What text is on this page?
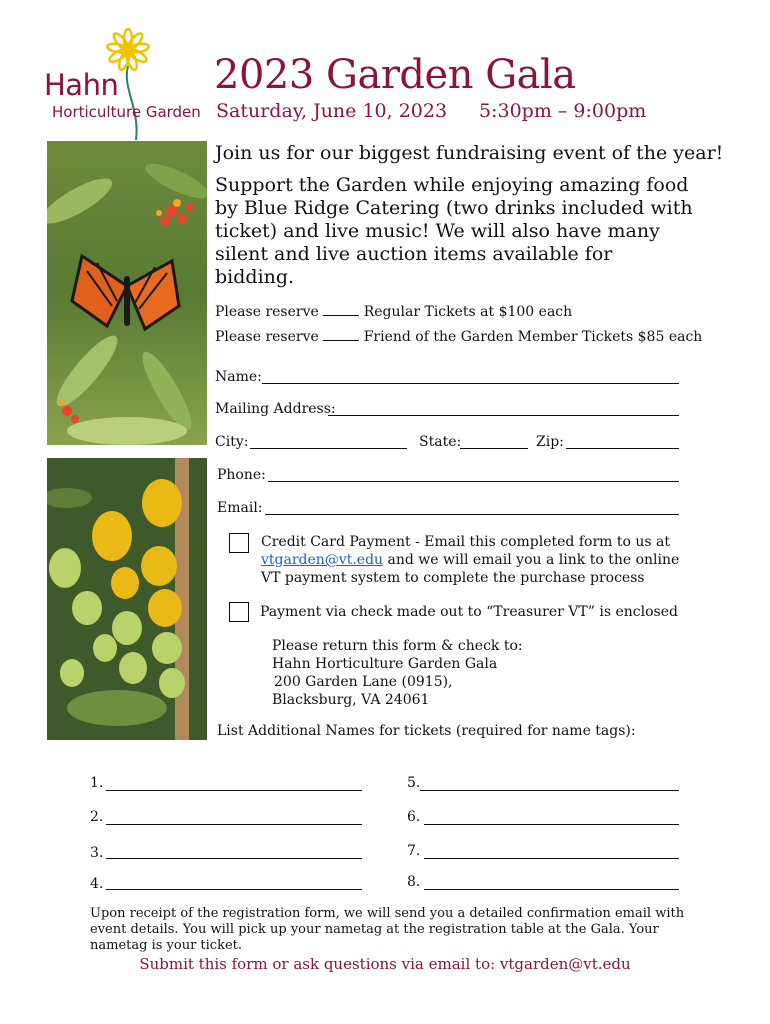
Hahn
Horticulture Garden
2023 Garden Gala
Saturday, June 10, 2023 5:30pm – 9:00pm
Join us for our biggest fundraising event of the year!
Support the Garden while enjoying amazing food by Blue Ridge Catering (two drinks included with ticket) and live music! We will also have many silent and live auction items available for bidding.
Please reserve	Regular Tickets at $100 each
Please reserve	Friend of the Garden Member Tickets $85 each
Name:
Mailing Address:
City:	State:	Zip:
Phone:
Email:
Credit Card Payment - Email this completed form to us at
vtgarden@vt.edu and we will email you a link to the online VT payment system to complete the purchase process
Payment via check made out to “Treasurer VT” is enclosed
Please return this form & check to:
Hahn Horticulture Garden Gala
200 Garden Lane (0915),
Blacksburg, VA 24061
List Additional Names for tickets (required for name tags):
1.
2.
3.
4.
5.
6.
7.
8.
Upon receipt of the registration form, we will send you a detailed confirmation email with event details. You will pick up your nametag at the registration table at the Gala. Your nametag is your ticket.
Submit this form or ask questions via email to: vtgarden@vt.edu
